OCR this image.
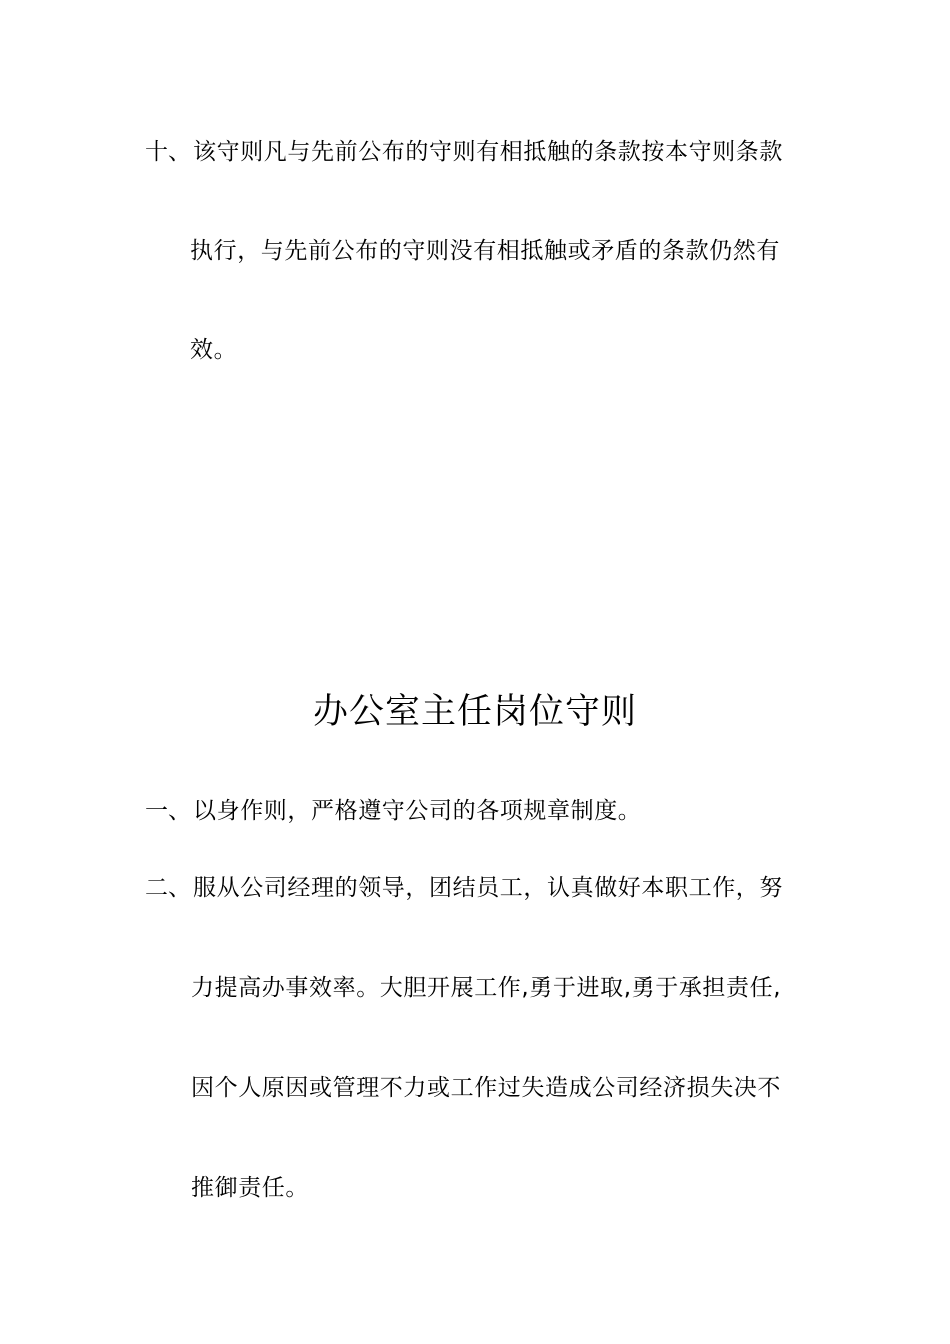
十、 该守则凡与先前公布的守则有相抵触的条款按本守则条款
执行，与先前公布的守则没有相抵触或矛盾的条款仍然有
效。
办公室主任岗位守则
一、 以身作则，严格遵守公司的各项规章制度。
二、 服从公司经理的领导，团结员工，认真做好本职工作，努
力提高办事效率。大胆开展工作,勇于进取,勇于承担责任,
因个人原因或管理不力或工作过失造成公司经济损失决不
推御责任。
